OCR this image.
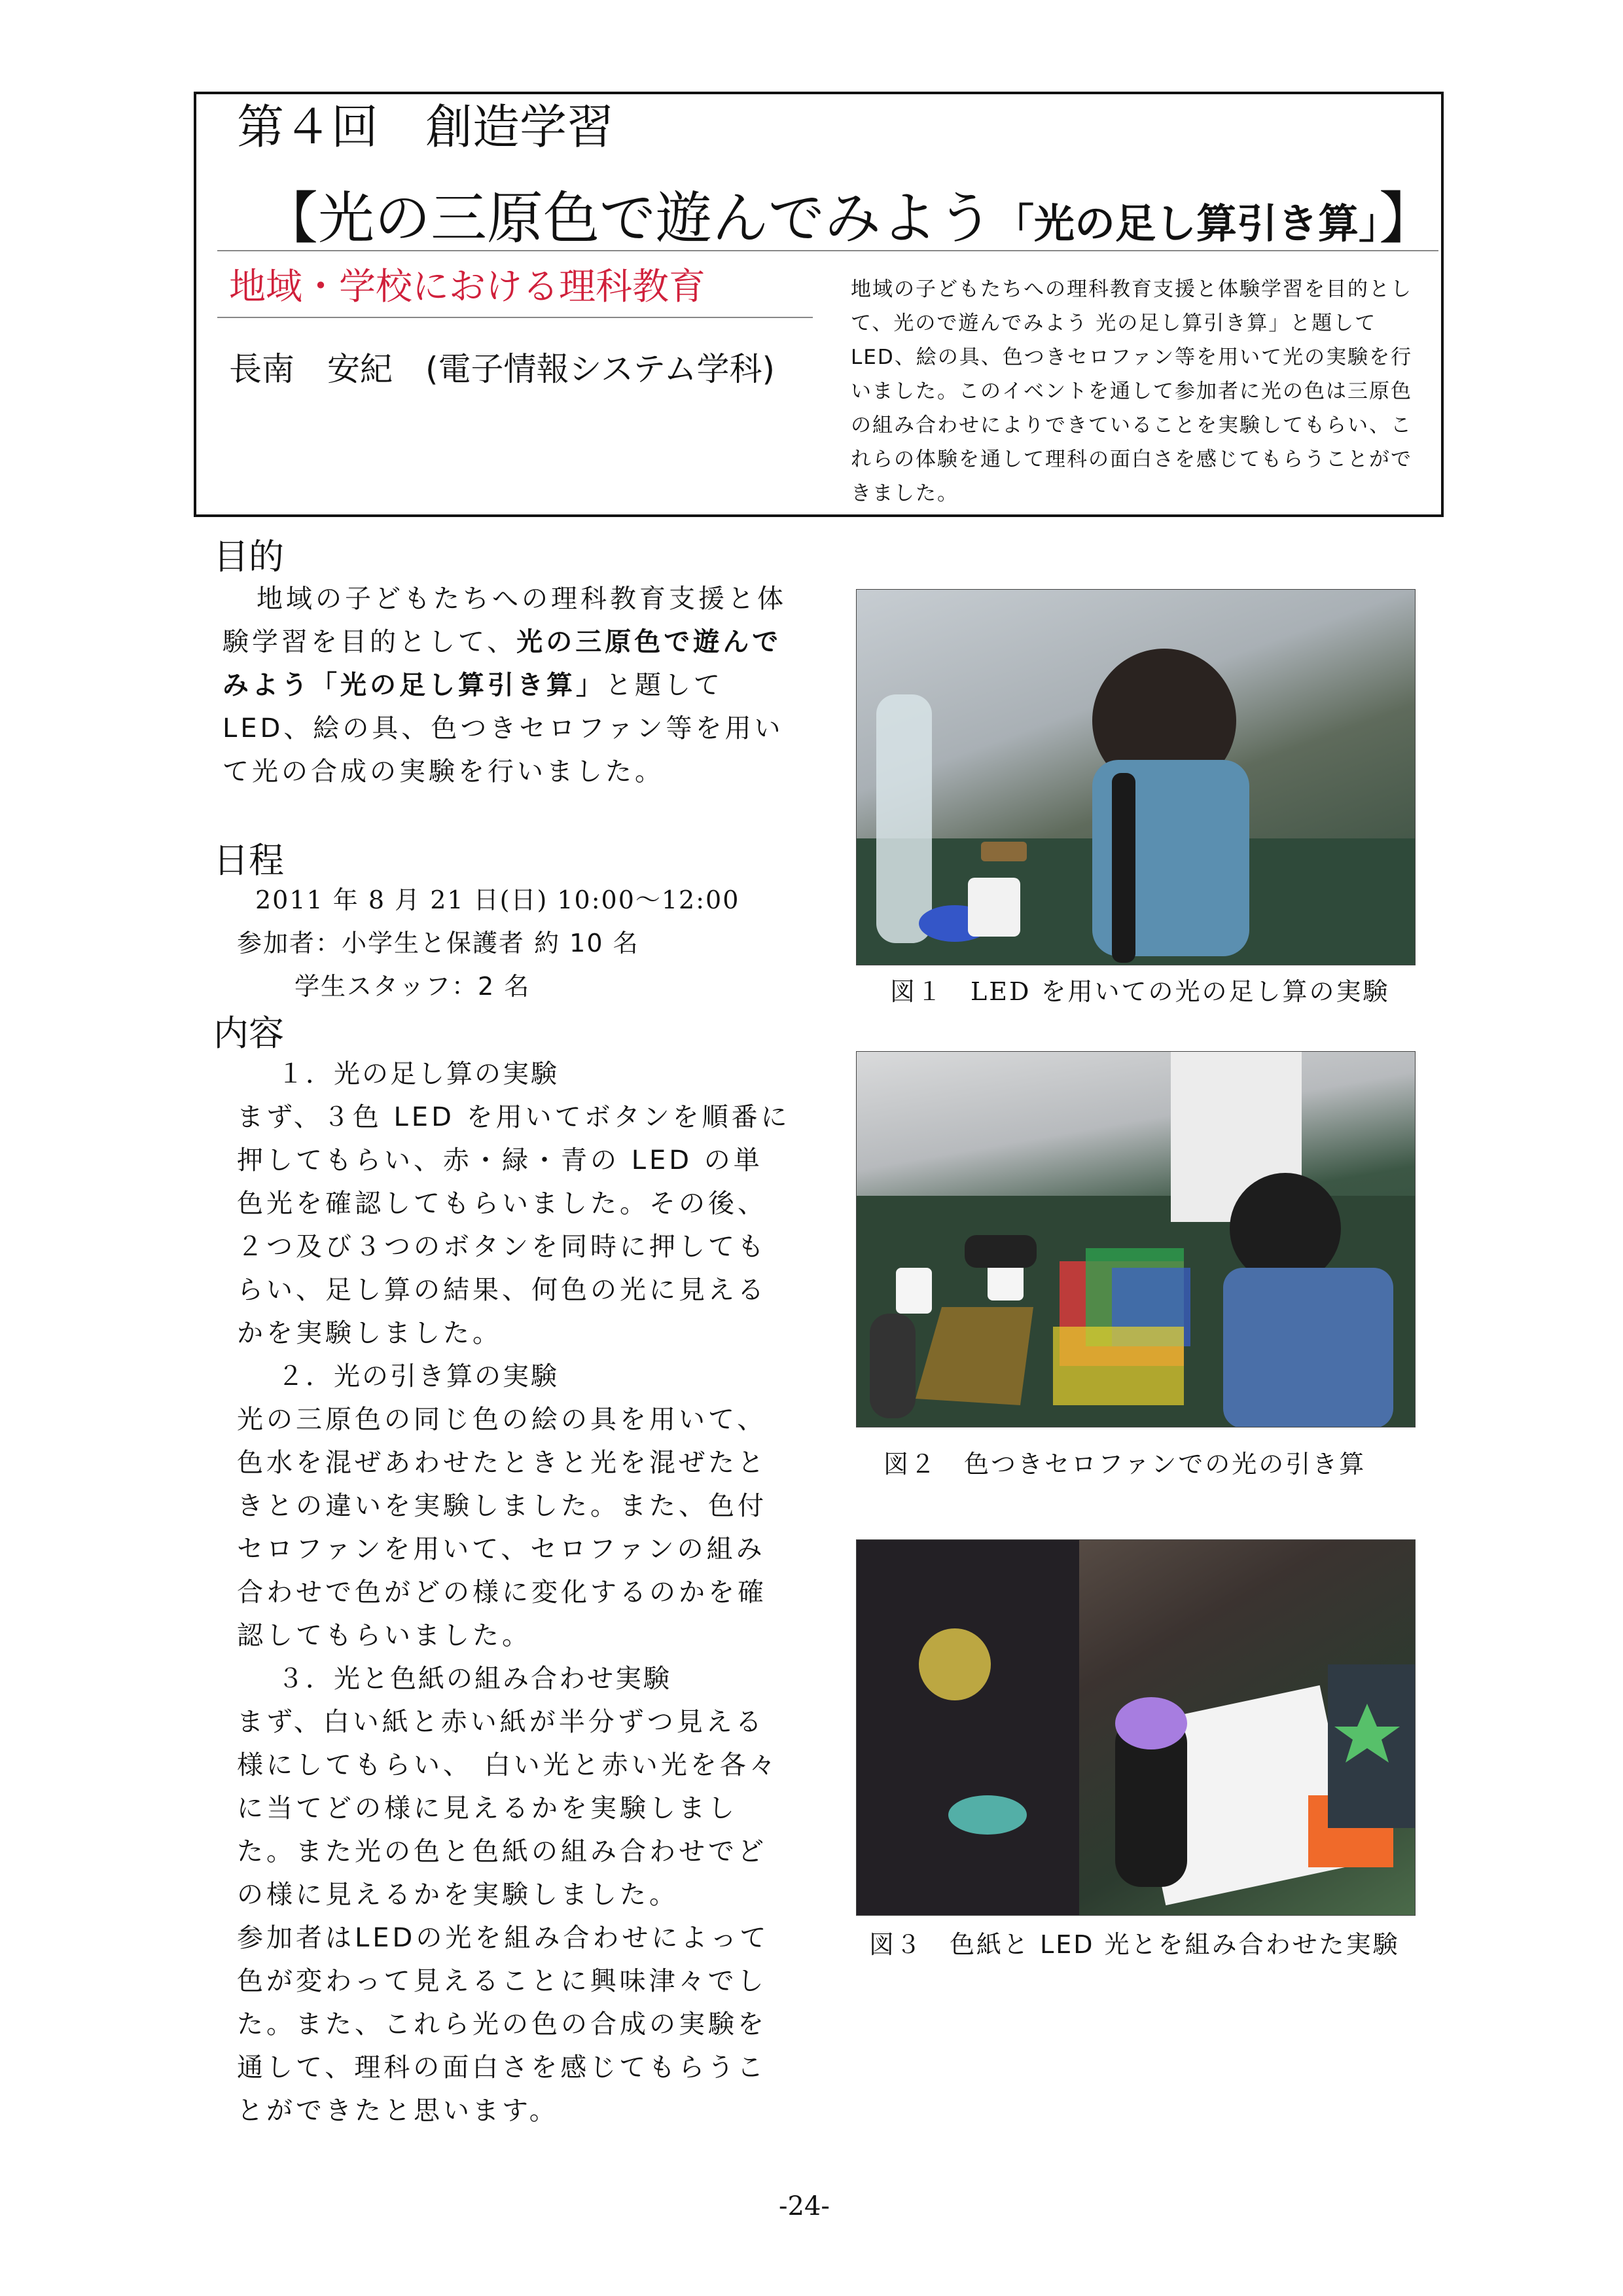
第４回　創造学習
【光の三原色で遊んでみよう「光の足し算引き算」】
地域・学校における理科教育
長南　安紀　(電子情報システム学科)
地域の子どもたちへの理科教育支援と体験学習を目的として、光ので遊んでみよう 光の足し算引き算」と題して LED、絵の具、色つきセロファン等を用いて光の実験を行いました。このイベントを通して参加者に光の色は三原色の組み合わせによりできていることを実験してもらい、これらの体験を通して理科の面白さを感じてもらうことができました。
目的

地域の子どもたちへの理科教育支援と体験学習を目的として、光の三原色で遊んでみよう「光の足し算引き算」と題して LED、絵の具、色つきセロファン等を用いて光の合成の実験を行いました。

日程
2011 年 8 月 21 日(日) 10:00〜12:00
参加者：小学生と保護者 約 10 名
学生スタッフ：2 名
内容
１．光の足し算の実験
まず、３色 LED を用いてボタンを順番に押してもらい、赤・緑・青の LED の単色光を確認してもらいました。その後、２つ及び３つのボタンを同時に押してもらい、足し算の結果、何色の光に見えるかを実験しました。
２．光の引き算の実験
光の三原色の同じ色の絵の具を用いて、色水を混ぜあわせたときと光を混ぜたときとの違いを実験しました。また、色付セロファンを用いて、セロファンの組み合わせで色がどの様に変化するのかを確認してもらいました。
３．光と色紙の組み合わせ実験
まず、白い紙と赤い紙が半分ずつ見える様にしてもらい、 白い光と赤い光を各々に当てどの様に見えるかを実験しました。また光の色と色紙の組み合わせでどの様に見えるかを実験しました。
参加者はLEDの光を組み合わせによって色が変わって見えることに興味津々でした。また、これら光の色の合成の実験を通して、理科の面白さを感じてもらうことができたと思います。
図１　LED を用いての光の足し算の実験
図２　色つきセロファンでの光の引き算
図３　色紙と LED 光とを組み合わせた実験
-24-
